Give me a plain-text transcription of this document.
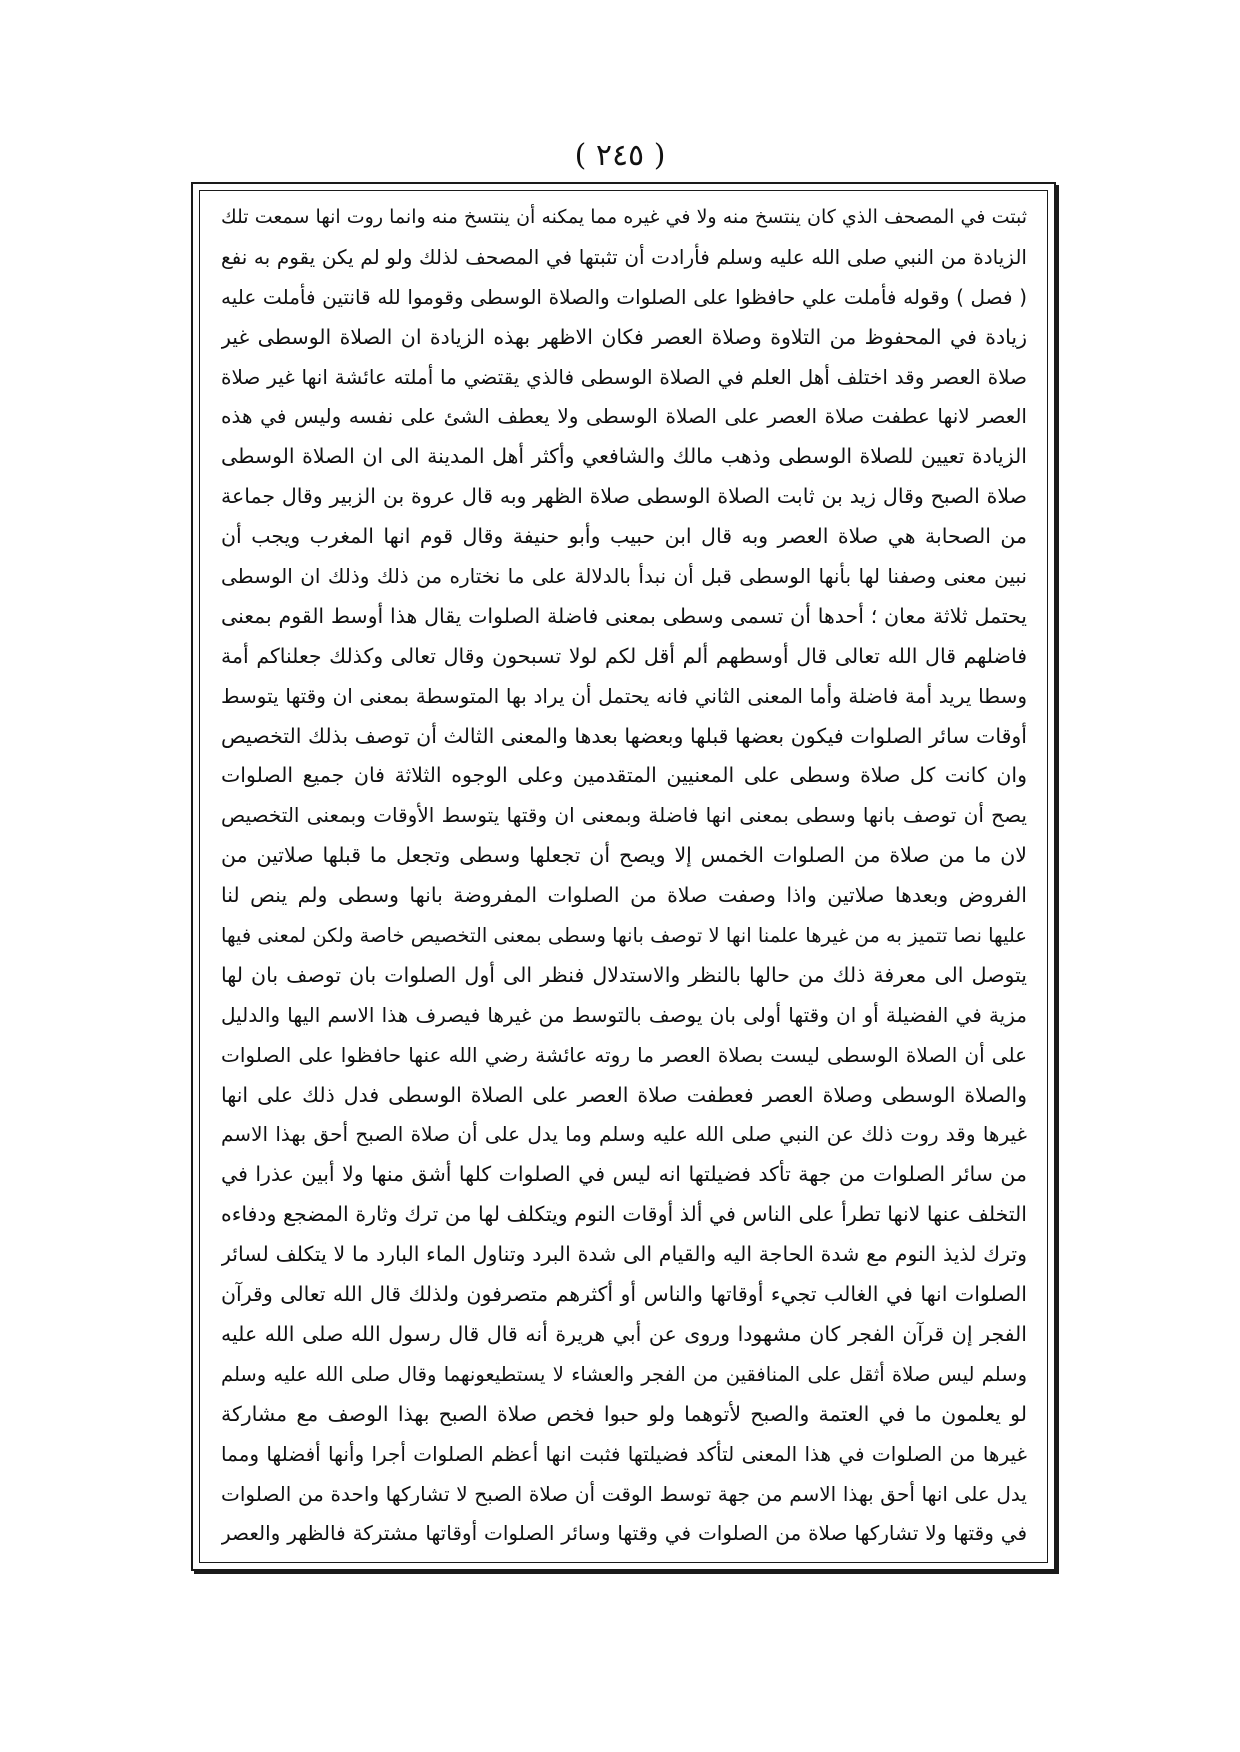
( ٢٤٥ )
ثبتت في المصحف الذي كان ينتسخ منه ولا في غيره مما يمكنه أن ينتسخ منه وانما روت انها سمعت تلك
الزيادة من النبي صلى الله عليه وسلم فأرادت أن تثبتها في المصحف لذلك ولو لم يكن يقوم به نفع
( فصل ) وقوله فأملت علي حافظوا على الصلوات والصلاة الوسطى وقوموا لله قانتين فأملت عليه
زيادة في المحفوظ من التلاوة وصلاة العصر فكان الاظهر بهذه الزيادة ان الصلاة الوسطى غير
صلاة العصر وقد اختلف أهل العلم في الصلاة الوسطى فالذي يقتضي ما أملته عائشة انها غير صلاة
العصر لانها عطفت صلاة العصر على الصلاة الوسطى ولا يعطف الشئ على نفسه وليس في هذه
الزيادة تعيين للصلاة الوسطى وذهب مالك والشافعي وأكثر أهل المدينة الى ان الصلاة الوسطى
صلاة الصبح وقال زيد بن ثابت الصلاة الوسطى صلاة الظهر وبه قال عروة بن الزبير وقال جماعة
من الصحابة هي صلاة العصر وبه قال ابن حبيب وأبو حنيفة وقال قوم انها المغرب ويجب أن
نبين معنى وصفنا لها بأنها الوسطى قبل أن نبدأ بالدلالة على ما نختاره من ذلك وذلك ان الوسطى
يحتمل ثلاثة معان ؛ أحدها أن تسمى وسطى بمعنى فاضلة الصلوات يقال هذا أوسط القوم بمعنى
فاضلهم قال الله تعالى قال أوسطهم ألم أقل لكم لولا تسبحون وقال تعالى وكذلك جعلناكم أمة
وسطا يريد أمة فاضلة وأما المعنى الثاني فانه يحتمل أن يراد بها المتوسطة بمعنى ان وقتها يتوسط
أوقات سائر الصلوات فيكون بعضها قبلها وبعضها بعدها والمعنى الثالث أن توصف بذلك التخصيص
وان كانت كل صلاة وسطى على المعنيين المتقدمين وعلى الوجوه الثلاثة فان جميع الصلوات
يصح أن توصف بانها وسطى بمعنى انها فاضلة وبمعنى ان وقتها يتوسط الأوقات وبمعنى التخصيص
لان ما من صلاة من الصلوات الخمس إلا ويصح أن تجعلها وسطى وتجعل ما قبلها صلاتين من
الفروض وبعدها صلاتين واذا وصفت صلاة من الصلوات المفروضة بانها وسطى ولم ينص لنا
عليها نصا تتميز به من غيرها علمنا انها لا توصف بانها وسطى بمعنى التخصيص خاصة ولكن لمعنى فيها
يتوصل الى معرفة ذلك من حالها بالنظر والاستدلال فنظر الى أول الصلوات بان توصف بان لها
مزية في الفضيلة أو ان وقتها أولى بان يوصف بالتوسط من غيرها فيصرف هذا الاسم اليها والدليل
على أن الصلاة الوسطى ليست بصلاة العصر ما روته عائشة رضي الله عنها حافظوا على الصلوات
والصلاة الوسطى وصلاة العصر فعطفت صلاة العصر على الصلاة الوسطى فدل ذلك على انها
غيرها وقد روت ذلك عن النبي صلى الله عليه وسلم وما يدل على أن صلاة الصبح أحق بهذا الاسم
من سائر الصلوات من جهة تأكد فضيلتها انه ليس في الصلوات كلها أشق منها ولا أبين عذرا في
التخلف عنها لانها تطرأ على الناس في ألذ أوقات النوم ويتكلف لها من ترك وثارة المضجع ودفاءه
وترك لذيذ النوم مع شدة الحاجة اليه والقيام الى شدة البرد وتناول الماء البارد ما لا يتكلف لسائر
الصلوات انها في الغالب تجيء أوقاتها والناس أو أكثرهم متصرفون ولذلك قال الله تعالى وقرآن
الفجر إن قرآن الفجر كان مشهودا وروى عن أبي هريرة أنه قال قال رسول الله صلى الله عليه
وسلم ليس صلاة أثقل على المنافقين من الفجر والعشاء لا يستطيعونهما وقال صلى الله عليه وسلم
لو يعلمون ما في العتمة والصبح لأتوهما ولو حبوا فخص صلاة الصبح بهذا الوصف مع مشاركة
غيرها من الصلوات في هذا المعنى لتأكد فضيلتها فثبت انها أعظم الصلوات أجرا وأنها أفضلها ومما
يدل على انها أحق بهذا الاسم من جهة توسط الوقت أن صلاة الصبح لا تشاركها واحدة من الصلوات
في وقتها ولا تشاركها صلاة من الصلوات في وقتها وسائر الصلوات أوقاتها مشتركة فالظهر والعصر
